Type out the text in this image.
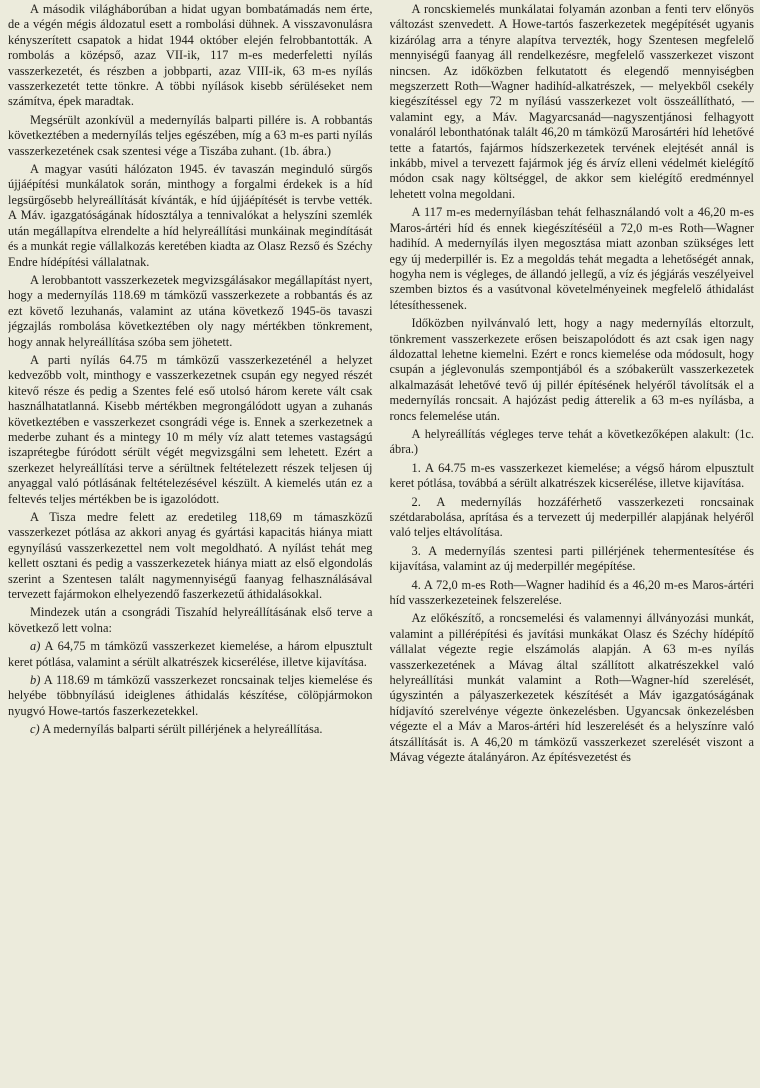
A második világháborúban a hidat ugyan bombatámadás nem érte, de a végén mégis áldozatul esett a rombolási dühnek. A visszavonulásra kényszerített csapatok a hidat 1944 október elején felrobbantották. A rombolás a középső, azaz VII-ik, 117 m-es mederfeletti nyílás vasszerkezetét, és részben a jobbparti, azaz VIII-ik, 63 m-es nyílás vasszerkezetét tette tönkre. A többi nyílások kisebb sérüléseket nem számítva, épek maradtak.

Megsérült azonkívül a medernyílás balparti pillére is. A robbantás következtében a medernyílás teljes egészében, míg a 63 m-es parti nyílás vasszerkezetének csak szentesi vége a Tiszába zuhant. (1b. ábra.)

A magyar vasúti hálózaton 1945. év tavaszán meginduló sürgős újjáépítési munkálatok során, minthogy a forgalmi érdekek is a híd legsürgősebb helyreállítását kívánták, e híd újjáépítését is tervbe vették. A Máv. igazgatóságának hídosztálya a tennivalókat a helyszíni szemlék után megállapítva elrendelte a híd helyreállítási munkáinak megindítását és a munkát regie vállalkozás keretében kiadta az Olasz Rezső és Széchy Endre hídépítési vállalatnak.

A lerobbantott vasszerkezetek megvizsgálásakor megállapítást nyert, hogy a medernyílás 118.69 m támközű vasszerkezete a robbantás és az ezt követő lezuhanás, valamint az utána következő 1945-ös tavaszi jégzajlás rombolása következtében oly nagy mértékben tönkrement, hogy annak helyreállítása szóba sem jöhetett.

A parti nyílás 64.75 m támközű vasszerkezeténél a helyzet kedvezőbb volt, minthogy e vasszerkezetnek csupán egy negyed részét kitevő része és pedig a Szentes felé eső utolsó három kerete vált csak használhatatlanná. Kisebb mértékben megrongálódott ugyan a zuhanás következtében e vasszerkezet csongrádi vége is. Ennek a szerkezetnek a mederbe zuhant és a mintegy 10 m mély víz alatt tetemes vastagságú iszaprétegbe fúródott sérült végét megvizsgálni sem lehetett. Ezért a szerkezet helyreállítási terve a sérültnek feltételezett részek teljesen új anyaggal való pótlásának feltételezésével készült. A kiemelés után ez a feltevés teljes mértékben be is igazolódott.

A Tisza medre felett az eredetileg 118,69 m támaszközű vasszerkezet pótlása az akkori anyag és gyártási kapacitás hiánya miatt egynyílású vasszerkezettel nem volt megoldható. A nyílást tehát meg kellett osztani és pedig a vasszerkezetek hiánya miatt az első elgondolás szerint a Szentesen talált nagymennyiségű faanyag felhasználásával tervezett fajármokon elhelyezendő faszerkezetű áthidalásokkal.

Mindezek után a csongrádi Tiszahíd helyreállításának első terve a következő lett volna:

a) A 64,75 m támközű vasszerkezet kiemelése, a három elpusztult keret pótlása, valamint a sérült alkatrészek kicserélése, illetve kijavítása.

b) A 118.69 m támközű vasszerkezet roncsainak teljes kiemelése és helyébe többnyílású ideiglenes áthidalás készítése, cölöpjármokon nyugvó Howe-tartós faszerkezetekkel.

c) A medernyílás balparti sérült pillérjének a helyreállítása.

A roncskiemelés munkálatai folyamán azonban a fenti terv előnyös változást szenvedett. A Howe-tartós faszerkezetek megépítését ugyanis kizárólag arra a tényre alapítva tervezték, hogy Szentesen megfelelő mennyiségű faanyag áll rendelkezésre, megfelelő vasszerkezet viszont nincsen. Az időközben felkutatott és elegendő mennyiségben megszerzett Roth—Wagner hadihíd-alkatrészek, — melyekből csekély kiegészítéssel egy 72 m nyílású vasszerkezet volt összeállítható, — valamint egy, a Máv. Magyarcsanád—nagyszentjánosi felhagyott vonaláról lebonthatónak talált 46,20 m támközű Marosártéri híd lehetővé tette a fatartós, fajármos hídszerkezetek tervének elejtését annál is inkább, mivel a tervezett fajármok jég és árvíz elleni védelmét kielégítő módon csak nagy költséggel, de akkor sem kielégítő eredménnyel lehetett volna megoldani.

A 117 m-es medernyílásban tehát felhasználandó volt a 46,20 m-es Maros-ártéri híd és ennek kiegészítéséül a 72,0 m-es Roth—Wagner hadihíd. A medernyílás ilyen megosztása miatt azonban szükséges lett egy új mederpillér is. Ez a megoldás tehát megadta a lehetőségét annak, hogyha nem is végleges, de állandó jellegű, a víz és jégjárás veszélyeivel szemben biztos és a vasútvonal követelményeinek megfelelő áthidalást létesíthessenek.

Időközben nyilvánvaló lett, hogy a nagy medernyílás eltorzult, tönkrement vasszerkezete erősen beiszapolódott és azt csak igen nagy áldozattal lehetne kiemelni. Ezért e roncs kiemelése oda módosult, hogy csupán a jéglevonulás szempontjából és a szóbakerült vasszerkezetek alkalmazását lehetővé tevő új pillér építésének helyéről távolítsák el a medernyílás roncsait. A hajózást pedig átterelik a 63 m-es nyílásba, a roncs felemelése után.

A helyreállítás végleges terve tehát a következőképen alakult: (1c. ábra.)

1. A 64.75 m-es vasszerkezet kiemelése; a végső három elpusztult keret pótlása, továbbá a sérült alkatrészek kicserélése, illetve kijavítása.

2. A medernyílás hozzáférhető vasszerkezeti roncsainak szétdarabolása, aprítása és a tervezett új mederpillér alapjának helyéről való teljes eltávolítása.

3. A medernyílás szentesi parti pillérjének tehermentesítése és kijavítása, valamint az új mederpillér megépítése.

4. A 72,0 m-es Roth—Wagner hadihíd és a 46,20 m-es Maros-ártéri híd vasszerkezeteinek felszerelése.

Az előkészítő, a roncsemelési és valamennyi állványozási munkát, valamint a pillérépítési és javítási munkákat Olasz és Széchy hídépítő vállalat végezte regie elszámolás alapján. A 63 m-es nyílás vasszerkezetének a Mávag által szállított alkatrészekkel való helyreállítási munkát valamint a Roth—Wagner-híd szerelését, úgyszintén a pályaszerkezetek készítését a Máv igazgatóságának hídjavító szerelvénye végezte önkezelésben. Ugyancsak önkezelésben végezte el a Máv a Maros-ártéri híd leszerelését és a helyszínre való átszállítását is. A 46,20 m támközű vasszerkezet szerelését viszont a Mávag végezte átalányáron. Az építésvezetést és
